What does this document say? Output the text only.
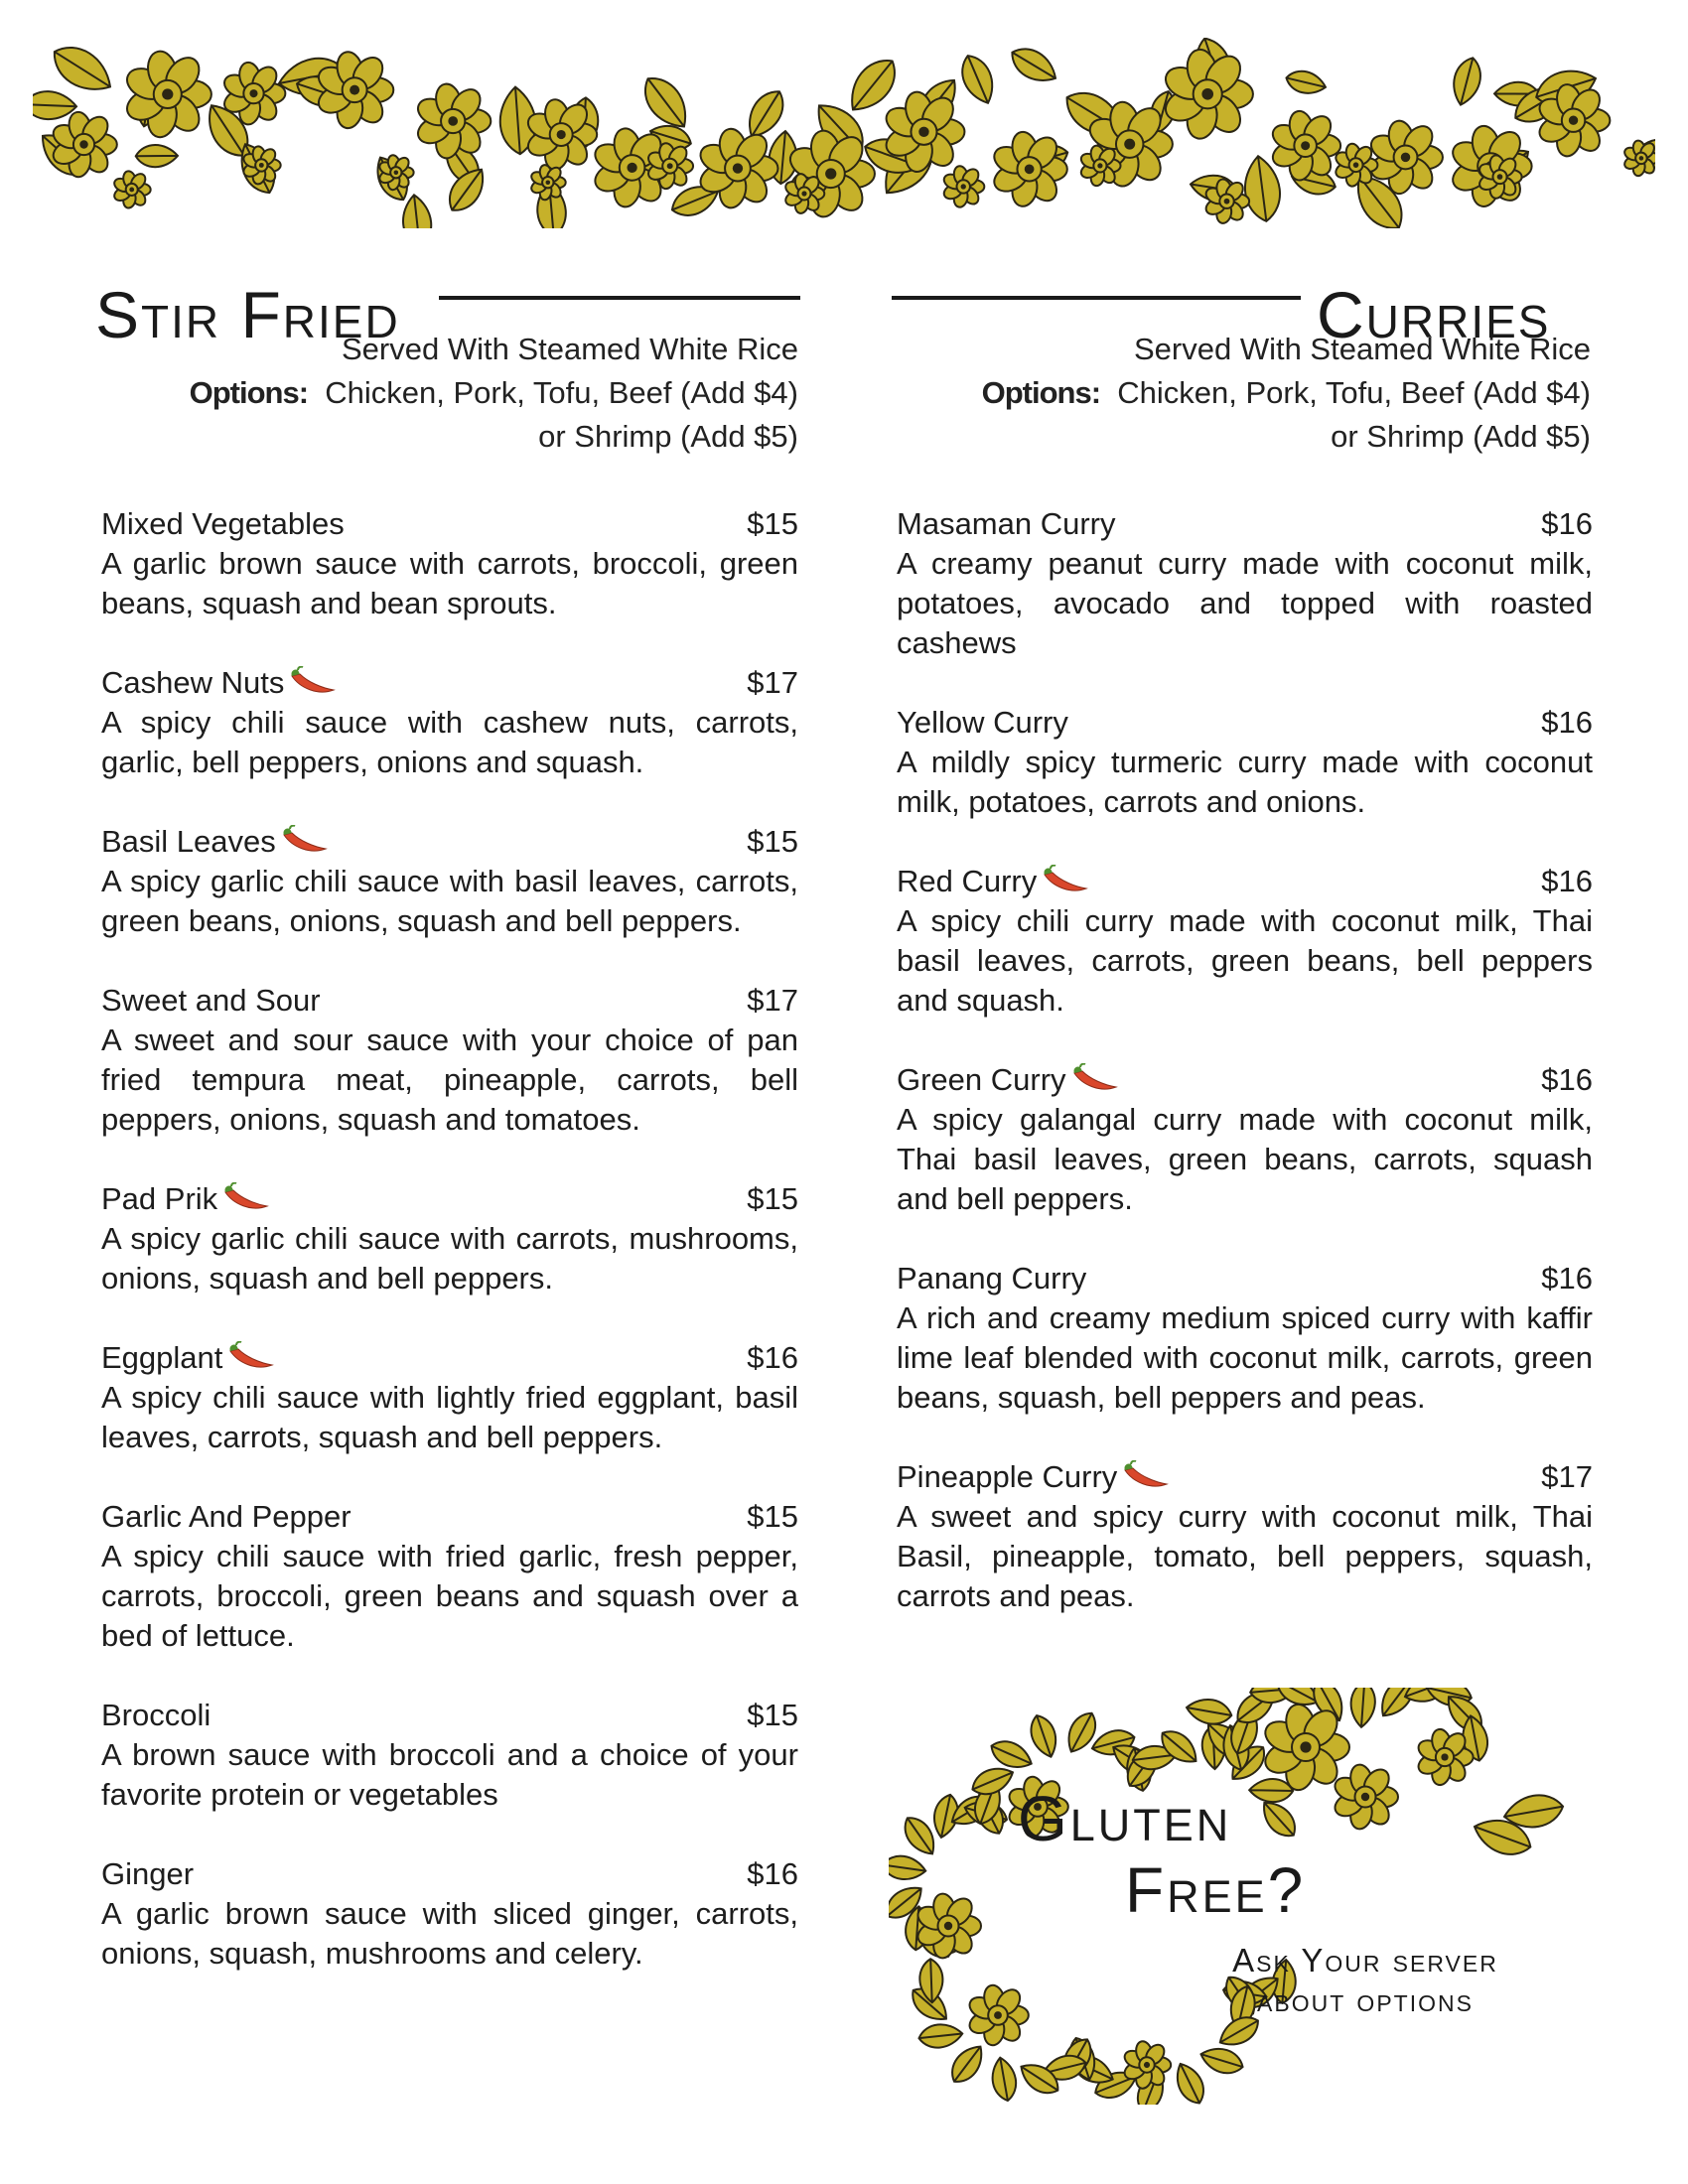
Stir Fried
Served With Steamed White Rice
Options: Chicken, Pork, Tofu, Beef (Add $4)
or Shrimp (Add $5)
Mixed Vegetables	$15
A garlic brown sauce with carrots, broccoli, green beans, squash and bean sprouts.
Cashew Nuts	$17
A spicy chili sauce with cashew nuts, carrots, garlic, bell peppers, onions and squash.
Basil Leaves	$15
A spicy garlic chili sauce with basil leaves, carrots, green beans, onions, squash and bell peppers.
Sweet and Sour	$17
A sweet and sour sauce with your choice of pan fried tempura meat, pineapple, carrots, bell peppers, onions, squash and tomatoes.
Pad Prik	$15
A spicy garlic chili sauce with carrots, mushrooms, onions, squash and bell peppers.
Eggplant	$16
A spicy chili sauce with lightly fried eggplant, basil leaves, carrots, squash and bell peppers.
Garlic And Pepper	$15
A spicy chili sauce with fried garlic, fresh pepper, carrots, broccoli, green beans and squash over a bed of lettuce.
Broccoli	$15
A brown sauce with broccoli and a choice of your favorite protein or vegetables
Ginger	$16
A garlic brown sauce with sliced ginger, carrots, onions, squash, mushrooms and celery.
Curries
Served With Steamed White Rice
Options: Chicken, Pork, Tofu, Beef (Add $4)
or Shrimp (Add $5)
Masaman Curry	$16
A creamy peanut curry made with coconut milk, potatoes, avocado and topped with roasted cashews
Yellow Curry	$16
A mildly spicy turmeric curry made with coconut milk, potatoes, carrots and onions.
Red Curry	$16
A spicy chili curry made with coconut milk, Thai basil leaves, carrots, green beans, bell peppers and squash.
Green Curry	$16
A spicy galangal curry made with coconut milk, Thai basil leaves, green beans, carrots, squash and bell peppers.
Panang Curry	$16
A rich and creamy medium spiced curry with kaffir lime leaf blended with coconut milk, carrots, green beans, squash, bell peppers and peas.
Pineapple Curry	$17
A sweet and spicy curry with coconut milk, Thai Basil, pineapple, tomato, bell peppers, squash, carrots and peas.
Gluten
Free?
Ask Your server
about options
